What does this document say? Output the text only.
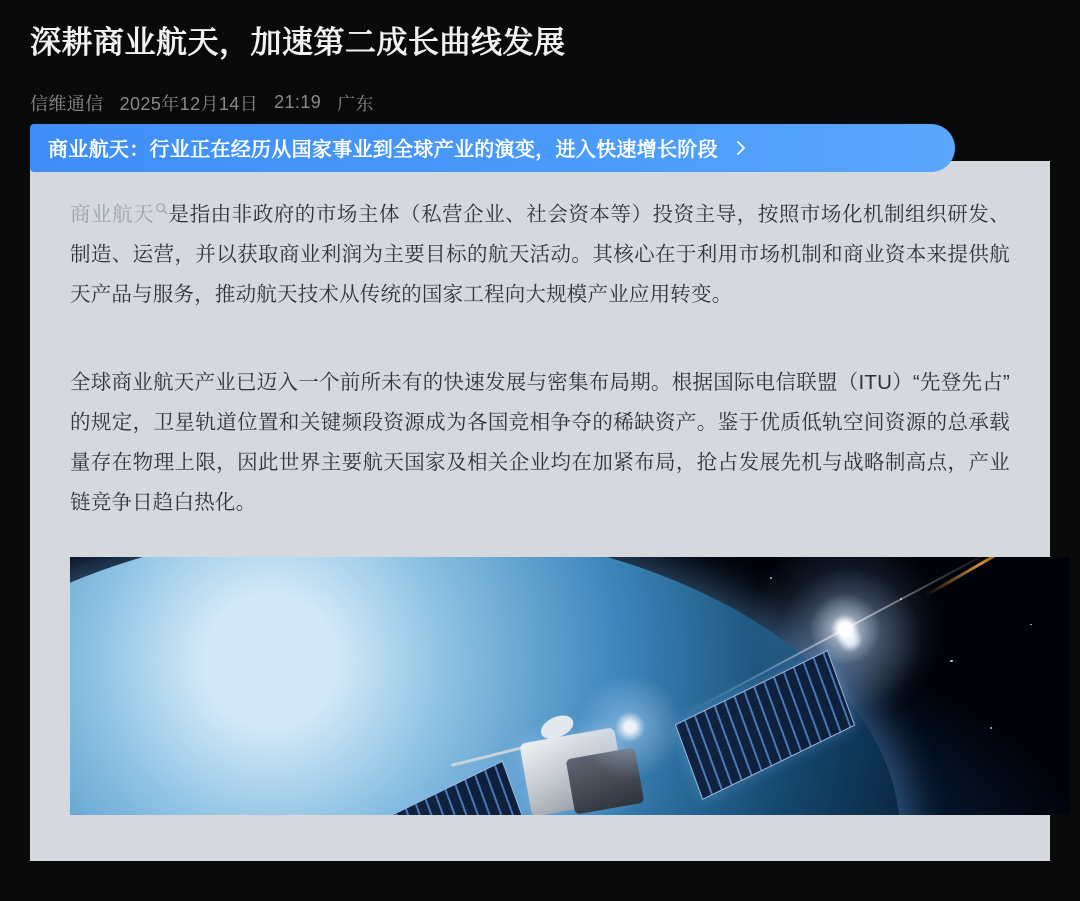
深耕商业航天，加速第二成长曲线发展
信维通信 2025年12月14日 21:19 广东
商业航天： 行业正在经历从国家事业到全球产业的演变，进入快速增长阶段

商业航天 是指由非政府的市场主体（私营企业、社会资本等）投资主导，按照市场化机制组织研发、制造、运营，并以获取商业利润为主要目标的航天活动。其核心在于利用市场机制和商业资本来提供航天产品与服务，推动航天技术从传统的国家工程向大规模产业应用转变。

全球商业航天产业已迈入一个前所未有的快速发展与密集布局期。根据国际电信联盟（ITU）“先登先占”的规定，卫星轨道位置和关键频段资源成为各国竞相争夺的稀缺资产。鉴于优质低轨空间资源的总承载量存在物理上限，因此世界主要航天国家及相关企业均在加紧布局，抢占发展先机与战略制高点，产业链竞争日趋白热化。
